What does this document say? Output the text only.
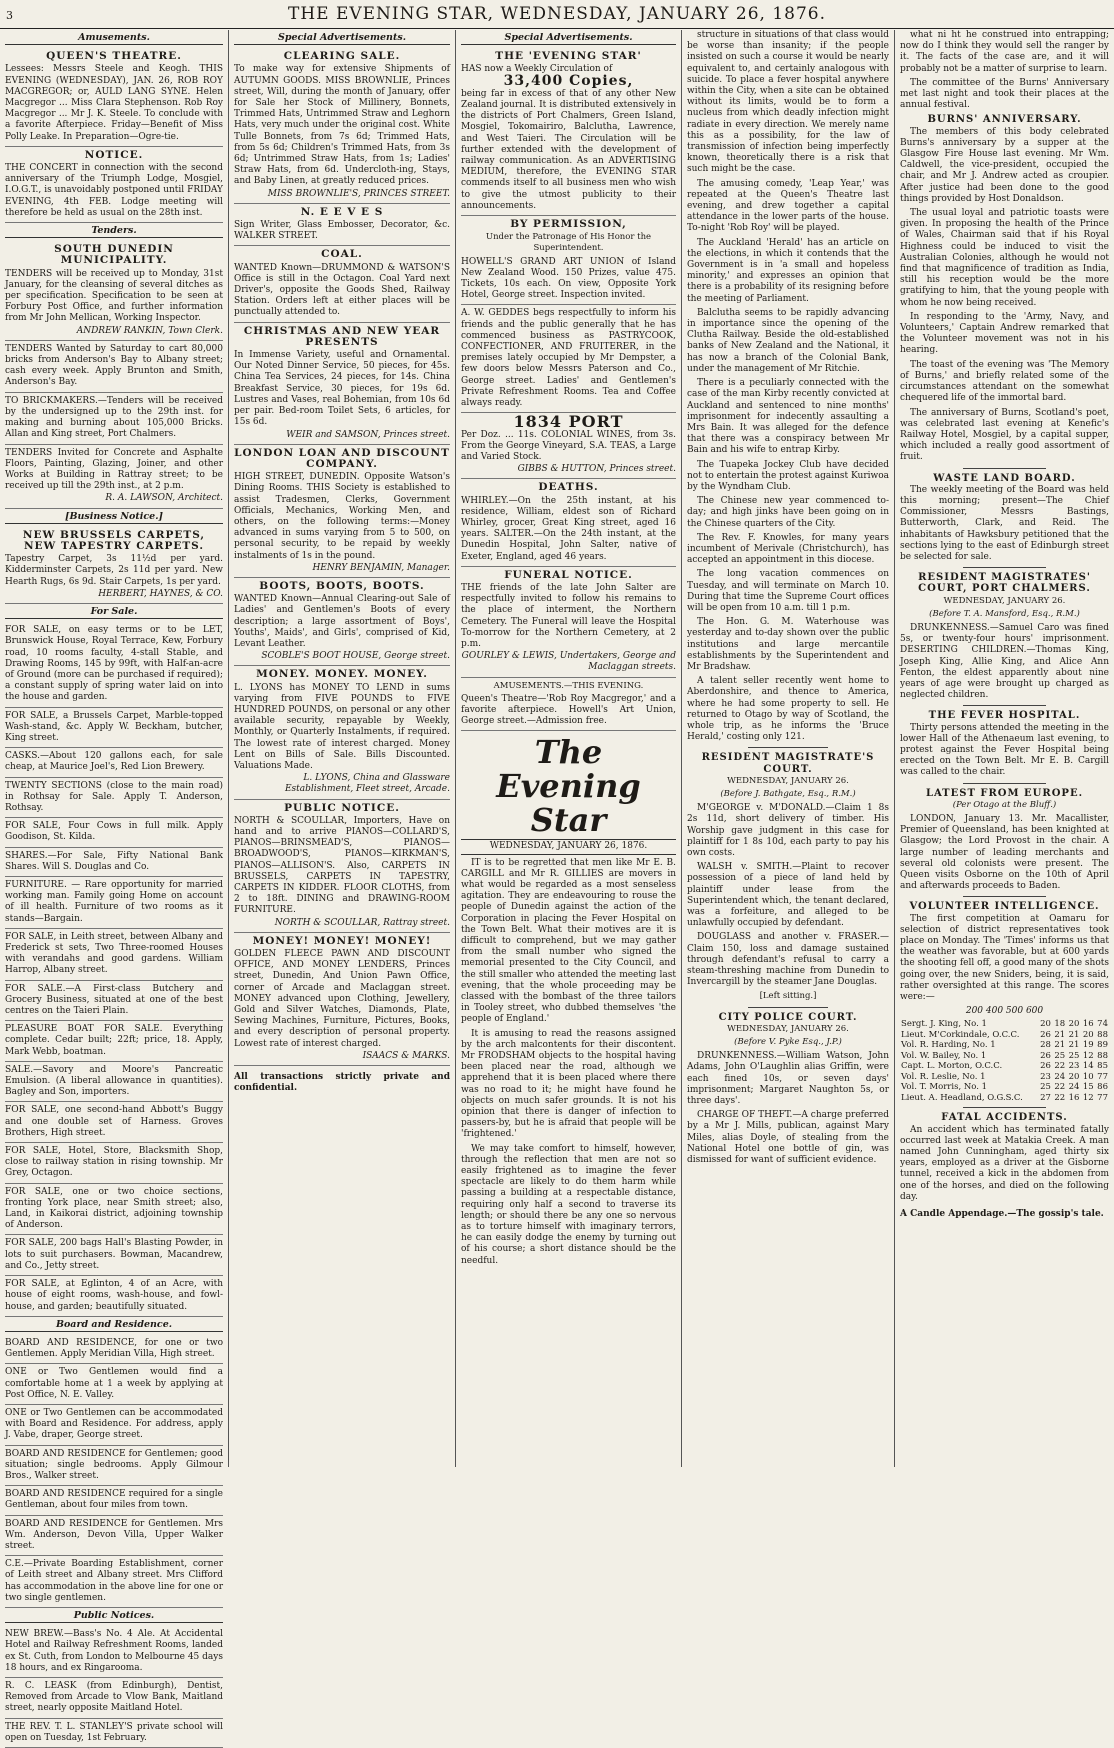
3	THE EVENING STAR, WEDNESDAY, JANUARY 26, 1876.
Amusements.
QUEEN'S THEATRE.

Lessees: Messrs Steele and Keogh. THIS EVENING (WEDNESDAY), JAN. 26, ROB ROY MACGREGOR; or, AULD LANG SYNE. Helen Macgregor ... Miss Clara Stephenson. Rob Roy Macgregor ... Mr J. K. Steele. To conclude with a favorite Afterpiece. Friday—Benefit of Miss Polly Leake. In Preparation—Ogre-tie.

NOTICE.

THE CONCERT in connection with the second anniversary of the Triumph Lodge, Mosgiel, I.O.G.T., is unavoidably postponed until FRIDAY EVENING, 4th FEB. Lodge meeting will therefore be held as usual on the 28th inst.

Tenders.
SOUTH DUNEDIN MUNICIPALITY.

TENDERS will be received up to Monday, 31st January, for the cleansing of several ditches as per specification. Specification to be seen at Forbury Post Office, and further information from Mr John Mellican, Working Inspector.

ANDREW RANKIN, Town Clerk.

TENDERS Wanted by Saturday to cart 80,000 bricks from Anderson's Bay to Albany street; cash every week. Apply Brunton and Smith, Anderson's Bay.

TO BRICKMAKERS.—Tenders will be received by the undersigned up to the 29th inst. for making and burning about 105,000 Bricks. Allan and King street, Port Chalmers.

TENDERS Invited for Concrete and Asphalte Floors, Painting, Glazing, Joiner, and other Works at Building in Rattray street; to be received up till the 29th inst., at 2 p.m.

R. A. LAWSON, Architect.

[Business Notice.]
NEW BRUSSELS CARPETS, NEW TAPESTRY CARPETS.

Tapestry Carpet, 3s 11½d per yard. Kidderminster Carpets, 2s 11d per yard. New Hearth Rugs, 6s 9d. Stair Carpets, 1s per yard.

HERBERT, HAYNES, & CO.

For Sale.

FOR SALE, on easy terms or to be LET, Brunswick House, Royal Terrace, Kew, Forbury road, 10 rooms faculty, 4-stall Stable, and Drawing Rooms, 145 by 99ft, with Half-an-acre of Ground (more can be purchased if required); a constant supply of spring water laid on into the house and garden.

FOR SALE, a Brussels Carpet, Marble-topped Wash-stand, &c. Apply W. Beckham, butcher, King street.

CASKS.—About 120 gallons each, for sale cheap, at Maurice Joel's, Red Lion Brewery.

TWENTY SECTIONS (close to the main road) in Rothsay for Sale. Apply T. Anderson, Rothsay.

FOR SALE, Four Cows in full milk. Apply Goodison, St. Kilda.

SHARES.—For Sale, Fifty National Bank Shares. Will S. Douglas and Co.

FURNITURE. — Rare opportunity for married working man. Family going Home on account of ill health. Furniture of two rooms as it stands—Bargain.

FOR SALE, in Leith street, between Albany and Frederick st sets, Two Three-roomed Houses with verandahs and good gardens. William Harrop, Albany street.

FOR SALE.—A First-class Butchery and Grocery Business, situated at one of the best centres on the Taieri Plain.

PLEASURE BOAT FOR SALE. Everything complete. Cedar built; 22ft; price, 18. Apply, Mark Webb, boatman.

SALE.—Savory and Moore's Pancreatic Emulsion. (A liberal allowance in quantities). Bagley and Son, importers.

FOR SALE, one second-hand Abbott's Buggy and one double set of Harness. Groves Brothers, High street.

FOR SALE, Hotel, Store, Blacksmith Shop, close to railway station in rising township. Mr Grey, Octagon.

FOR SALE, one or two choice sections, fronting York place, near Smith street; also, Land, in Kaikorai district, adjoining township of Anderson.

FOR SALE, 200 bags Hall's Blasting Powder, in lots to suit purchasers. Bowman, Macandrew, and Co., Jetty street.

FOR SALE, at Eglinton, 4 of an Acre, with house of eight rooms, wash-house, and fowl-house, and garden; beautifully situated.

Board and Residence.

BOARD AND RESIDENCE, for one or two Gentlemen. Apply Meridian Villa, High street.

ONE or Two Gentlemen would find a comfortable home at 1 a week by applying at Post Office, N. E. Valley.

ONE or Two Gentlemen can be accommodated with Board and Residence. For address, apply J. Vabe, draper, George street.

BOARD AND RESIDENCE for Gentlemen; good situation; single bedrooms. Apply Gilmour Bros., Walker street.

BOARD AND RESIDENCE required for a single Gentleman, about four miles from town.

BOARD AND RESIDENCE for Gentlemen. Mrs Wm. Anderson, Devon Villa, Upper Walker street.

C.E.—Private Boarding Establishment, corner of Leith street and Albany street. Mrs Clifford has accommodation in the above line for one or two single gentlemen.

Public Notices.

NEW BREW.—Bass's No. 4 Ale. At Accidental Hotel and Railway Refreshment Rooms, landed ex St. Cuth, from London to Melbourne 45 days 18 hours, and ex Ringarooma.

R. C. LEASK (from Edinburgh), Dentist, Removed from Arcade to Vlow Bank, Maitland street, nearly opposite Maitland Hotel.

THE REV. T. L. STANLEY'S private school will open on Tuesday, 1st February.

Special Advertisements.
CLEARING SALE.

To make way for extensive Shipments of AUTUMN GOODS. MISS BROWNLIE, Princes street, Will, during the month of January, offer for Sale her Stock of Millinery, Bonnets, Trimmed Hats, Untrimmed Straw and Leghorn Hats, very much under the original cost. White Tulle Bonnets, from 7s 6d; Trimmed Hats, from 5s 6d; Children's Trimmed Hats, from 3s 6d; Untrimmed Straw Hats, from 1s; Ladies' Straw Hats, from 6d. Undercloth-ing, Stays, and Baby Linen, at greatly reduced prices.

MISS BROWNLIE'S, PRINCES STREET.

N. E E V E S

Sign Writer, Glass Embosser, Decorator, &c. WALKER STREET.

COAL.

WANTED Known—DRUMMOND & WATSON'S Office is still in the Octagon. Coal Yard next Driver's, opposite the Goods Shed, Railway Station. Orders left at either places will be punctually attended to.

CHRISTMAS AND NEW YEAR PRESENTS

In Immense Variety, useful and Ornamental. Our Noted Dinner Service, 50 pieces, for 45s. China Tea Services, 24 pieces, for 14s. China Breakfast Service, 30 pieces, for 19s 6d. Lustres and Vases, real Bohemian, from 10s 6d per pair. Bed-room Toilet Sets, 6 articles, for 15s 6d.

WEIR and SAMSON, Princes street.

LONDON LOAN AND DISCOUNT COMPANY.

HIGH STREET, DUNEDIN. Opposite Watson's Dining Rooms. THIS Society is established to assist Tradesmen, Clerks, Government Officials, Mechanics, Working Men, and others, on the following terms:—Money advanced in sums varying from 5 to 500, on personal security, to be repaid by weekly instalments of 1s in the pound.

HENRY BENJAMIN, Manager.

BOOTS, BOOTS, BOOTS.

WANTED Known—Annual Clearing-out Sale of Ladies' and Gentlemen's Boots of every description; a large assortment of Boys', Youths', Maids', and Girls', comprised of Kid, Levant Leather.

SCOBLE'S BOOT HOUSE, George street.

MONEY. MONEY. MONEY.

L. LYONS has MONEY TO LEND in sums varying from FIVE POUNDS to FIVE HUNDRED POUNDS, on personal or any other available security, repayable by Weekly, Monthly, or Quarterly Instalments, if required. The lowest rate of interest charged. Money Lent on Bills of Sale. Bills Discounted. Valuations Made.

L. LYONS, China and Glassware Establishment, Fleet street, Arcade.

PUBLIC NOTICE.

NORTH & SCOULLAR, Importers, Have on hand and to arrive PIANOS—COLLARD'S, PIANOS—BRINSMEAD'S, PIANOS—BROADWOOD'S, PIANOS—KIRKMAN'S, PIANOS—ALLISON'S. Also, CARPETS IN BRUSSELS, CARPETS IN TAPESTRY, CARPETS IN KIDDER. FLOOR CLOTHS, from 2 to 18ft. DINING and DRAWING-ROOM FURNITURE.

NORTH & SCOULLAR, Rattray street.

MONEY! MONEY! MONEY!

GOLDEN FLEECE PAWN AND DISCOUNT OFFICE, AND MONEY LENDERS, Princes street, Dunedin, And Union Pawn Office, corner of Arcade and Maclaggan street. MONEY advanced upon Clothing, Jewellery, Gold and Silver Watches, Diamonds, Plate, Sewing Machines, Furniture, Pictures, Books, and every description of personal property. Lowest rate of interest charged.

ISAACS & MARKS.

All transactions strictly private and confidential.

Special Advertisements.
THE 'EVENING STAR'

HAS now a Weekly Circulation of

33,400 Copies,

being far in excess of that of any other New Zealand journal. It is distributed extensively in the districts of Port Chalmers, Green Island, Mosgiel, Tokomairiro, Balclutha, Lawrence, and West Taieri. The Circulation will be further extended with the development of railway communication. As an ADVERTISING MEDIUM, therefore, the EVENING STAR commends itself to all business men who wish to give the utmost publicity to their announcements.

BY PERMISSION,

Under the Patronage of His Honor the Superintendent.

HOWELL'S GRAND ART UNION of Island New Zealand Wood. 150 Prizes, value 475. Tickets, 10s each. On view, Opposite York Hotel, George street. Inspection invited.

A. W. GEDDES begs respectfully to inform his friends and the public generally that he has commenced business as PASTRYCOOK, CONFECTIONER, AND FRUITERER, in the premises lately occupied by Mr Dempster, a few doors below Messrs Paterson and Co., George street. Ladies' and Gentlemen's Private Refreshment Rooms. Tea and Coffee always ready.

1834 PORT

Per Doz. ... 11s. COLONIAL WINES, from 3s. From the George Vineyard, S.A. TEAS, a Large and Varied Stock.

GIBBS & HUTTON, Princes street.

DEATHS.

WHIRLEY.—On the 25th instant, at his residence, William, eldest son of Richard Whirley, grocer, Great King street, aged 16 years. SALTER.—On the 24th instant, at the Dunedin Hospital, John Salter, native of Exeter, England, aged 46 years.

FUNERAL NOTICE.

THE friends of the late John Salter are respectfully invited to follow his remains to the place of interment, the Northern Cemetery. The Funeral will leave the Hospital To-morrow for the Northern Cemetery, at 2 p.m.

GOURLEY & LEWIS, Undertakers, George and Maclaggan streets.

AMUSEMENTS.—THIS EVENING.

Queen's Theatre—'Rob Roy Macgregor,' and a favorite afterpiece. Howell's Art Union, George street.—Admission free.

The Evening Star
WEDNESDAY, JANUARY 26, 1876.

IT is to be regretted that men like Mr E. B. CARGILL and Mr R. GILLIES are movers in what would be regarded as a most senseless agitation. They are endeavouring to rouse the people of Dunedin against the action of the Corporation in placing the Fever Hospital on the Town Belt. What their motives are it is difficult to comprehend, but we may gather from the small number who signed the memorial presented to the City Council, and the still smaller who attended the meeting last evening, that the whole proceeding may be classed with the bombast of the three tailors in Tooley street, who dubbed themselves 'the people of England.'

It is amusing to read the reasons assigned by the arch malcontents for their discontent. Mr FRODSHAM objects to the hospital having been placed near the road, although we apprehend that it is been placed where there was no road to it; he might have found he objects on much safer grounds. It is not his opinion that there is danger of infection to passers-by, but he is afraid that people will be 'frightened.'

We may take comfort to himself, however, through the reflection that men are not so easily frightened as to imagine the fever spectacle are likely to do them harm while passing a building at a respectable distance, requiring only half a second to traverse its length; or should there be any one so nervous as to torture himself with imaginary terrors, he can easily dodge the enemy by turning out of his course; a short distance should be the needful.

structure in situations of that class would be worse than insanity; if the people insisted on such a course it would be nearly equivalent to, and certainly analogous with suicide. To place a fever hospital anywhere within the City, when a site can be obtained without its limits, would be to form a nucleus from which deadly infection might radiate in every direction. We merely name this as a possibility, for the law of transmission of infection being imperfectly known, theoretically there is a risk that such might be the case.

The amusing comedy, 'Leap Year,' was repeated at the Queen's Theatre last evening, and drew together a capital attendance in the lower parts of the house. To-night 'Rob Roy' will be played.

The Auckland 'Herald' has an article on the elections, in which it contends that the Government is in 'a small and hopeless minority,' and expresses an opinion that there is a probability of its resigning before the meeting of Parliament.

Balclutha seems to be rapidly advancing in importance since the opening of the Clutha Railway. Beside the old-established banks of New Zealand and the National, it has now a branch of the Colonial Bank, under the management of Mr Ritchie.

There is a peculiarly connected with the case of the man Kirby recently convicted at Auckland and sentenced to nine months' imprisonment for indecently assaulting a Mrs Bain. It was alleged for the defence that there was a conspiracy between Mr Bain and his wife to entrap Kirby.

The Tuapeka Jockey Club have decided not to entertain the protest against Kuriwoa by the Wyndham Club.

The Chinese new year commenced to-day; and high jinks have been going on in the Chinese quarters of the City.

The Rev. F. Knowles, for many years incumbent of Merivale (Christchurch), has accepted an appointment in this diocese.

The long vacation commences on Tuesday, and will terminate on March 10. During that time the Supreme Court offices will be open from 10 a.m. till 1 p.m.

The Hon. G. M. Waterhouse was yesterday and to-day shown over the public institutions and large mercantile establishments by the Superintendent and Mr Bradshaw.

A talent seller recently went home to Aberdonshire, and thence to America, where he had some property to sell. He returned to Otago by way of Scotland, the whole trip, as he informs the 'Bruce Herald,' costing only 121.

RESIDENT MAGISTRATE'S COURT.
WEDNESDAY, JANUARY 26.
(Before J. Bathgate, Esq., R.M.)

M'GEORGE v. M'DONALD.—Claim 1 8s 2s 11d, short delivery of timber. His Worship gave judgment in this case for plaintiff for 1 8s 10d, each party to pay his own costs.

WALSH v. SMITH.—Plaint to recover possession of a piece of land held by plaintiff under lease from the Superintendent which, the tenant declared, was a forfeiture, and alleged to be unlawfully occupied by defendant.

DOUGLASS and another v. FRASER.—Claim 150, loss and damage sustained through defendant's refusal to carry a steam-threshing machine from Dunedin to Invercargill by the steamer Jane Douglas.

[Left sitting.]
CITY POLICE COURT.
WEDNESDAY, JANUARY 26.
(Before V. Pyke Esq., J.P.)

DRUNKENNESS.—William Watson, John Adams, John O'Laughlin alias Griffin, were each fined 10s, or seven days' imprisonment; Margaret Naughton 5s, or three days'.

CHARGE OF THEFT.—A charge preferred by a Mr J. Mills, publican, against Mary Miles, alias Doyle, of stealing from the National Hotel one bottle of gin, was dismissed for want of sufficient evidence.

what ni ht he construed into entrapping; now do I think they would sell the ranger by it. The facts of the case are, and it will probably not be a matter of surprise to learn.

The committee of the Burns' Anniversary met last night and took their places at the annual festival.

BURNS' ANNIVERSARY.

The members of this body celebrated Burns's anniversary by a supper at the Glasgow Fire House last evening. Mr Wm. Caldwell, the vice-president, occupied the chair, and Mr J. Andrew acted as croupier. After justice had been done to the good things provided by Host Donaldson.

The usual loyal and patriotic toasts were given. In proposing the health of the Prince of Wales, Chairman said that if his Royal Highness could be induced to visit the Australian Colonies, although he would not find that magnificence of tradition as India, still his reception would be the more gratifying to him, that the young people with whom he now being received.

In responding to the 'Army, Navy, and Volunteers,' Captain Andrew remarked that the Volunteer movement was not in his hearing.

The toast of the evening was 'The Memory of Burns,' and briefly related some of the circumstances attendant on the somewhat chequered life of the immortal bard.

The anniversary of Burns, Scotland's poet, was celebrated last evening at Kenefic's Railway Hotel, Mosgiel, by a capital supper, which included a really good assortment of fruit.

WASTE LAND BOARD.

The weekly meeting of the Board was held this morning; present—The Chief Commissioner, Messrs Bastings, Butterworth, Clark, and Reid. The inhabitants of Hawksbury petitioned that the sections lying to the east of Edinburgh street be selected for sale.

RESIDENT MAGISTRATES' COURT, PORT CHALMERS.
WEDNESDAY, JANUARY 26.
(Before T. A. Mansford, Esq., R.M.)

DRUNKENNESS.—Samuel Caro was fined 5s, or twenty-four hours' imprisonment. DESERTING CHILDREN.—Thomas King, Joseph King, Allie King, and Alice Ann Fenton, the eldest apparently about nine years of age were brought up charged as neglected children.

THE FEVER HOSPITAL.

Thirty persons attended the meeting in the lower Hall of the Athenaeum last evening, to protest against the Fever Hospital being erected on the Town Belt. Mr E. B. Cargill was called to the chair.

LATEST FROM EUROPE.
(Per Otago at the Bluff.)

LONDON, January 13. Mr. Macallister, Premier of Queensland, has been knighted at Glasgow; the Lord Provost in the chair. A large number of leading merchants and several old colonists were present. The Queen visits Osborne on the 10th of April and afterwards proceeds to Baden.

VOLUNTEER INTELLIGENCE.

The first competition at Oamaru for selection of district representatives took place on Monday. The 'Times' informs us that the weather was favorable, but at 600 yards the shooting fell off, a good many of the shots going over, the new Sniders, being, it is said, rather oversighted at this range. The scores were:—

200 400 500 600
Sergt. J. King, No. 1	20	18	20	16	74
Lieut. M'Corkindale, O.C.C.	26	21	21	20	88
Vol. R. Harding, No. 1	28	21	21	19	89
Vol. W. Bailey, No. 1	26	25	25	12	88
Capt. L. Morton, O.C.C.	26	22	23	14	85
Vol. R. Leslie, No. 1	23	24	20	10	77
Vol. T. Morris, No. 1	25	22	24	15	86
Lieut. A. Headland, O.G.S.C.	27	22	16	12	77
FATAL ACCIDENTS.

An accident which has terminated fatally occurred last week at Matakia Creek. A man named John Cunningham, aged thirty six years, employed as a driver at the Gisborne tunnel, received a kick in the abdomen from one of the horses, and died on the following day.

A Candle Appendage.—The gossip's tale.
